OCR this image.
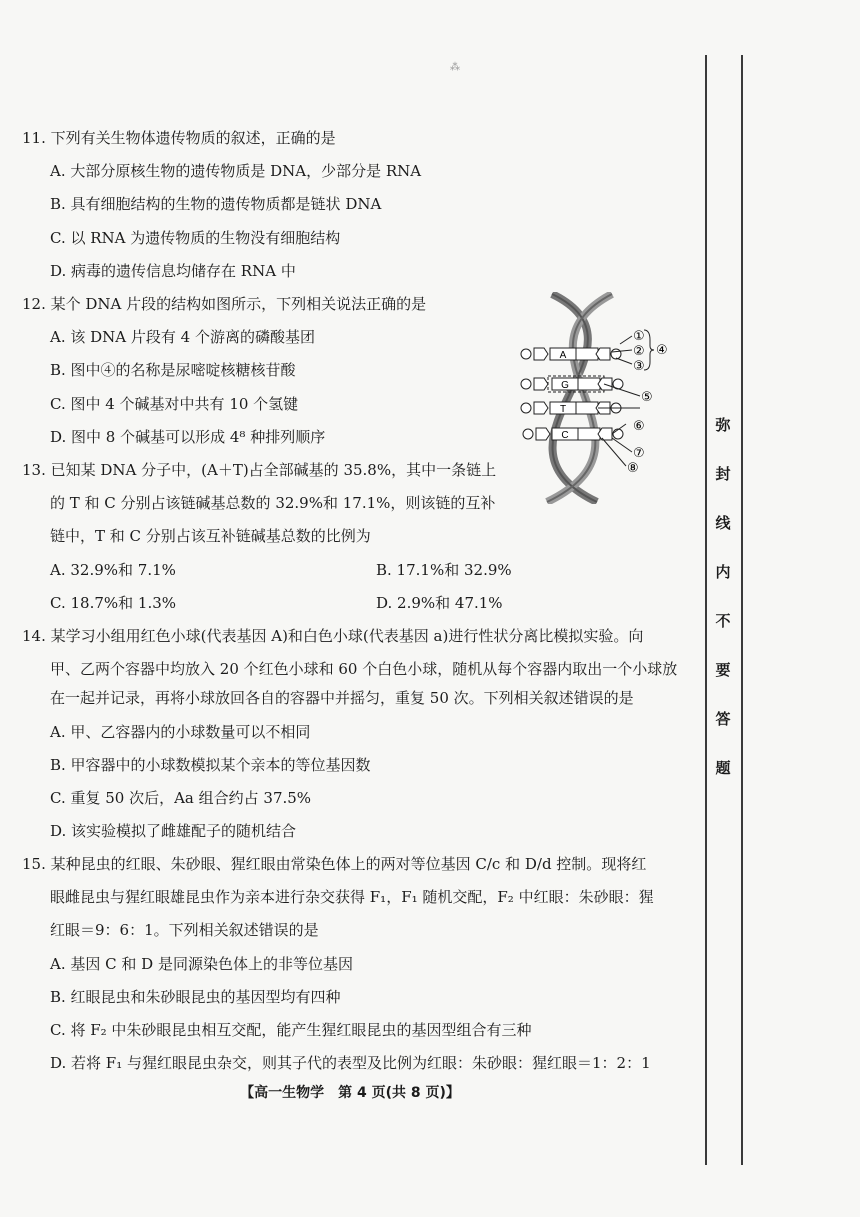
⁂
11. 下列有关生物体遗传物质的叙述，正确的是
A. 大部分原核生物的遗传物质是 DNA，少部分是 RNA
B. 具有细胞结构的生物的遗传物质都是链状 DNA
C. 以 RNA 为遗传物质的生物没有细胞结构
D. 病毒的遗传信息均储存在 RNA 中
12. 某个 DNA 片段的结构如图所示，下列相关说法正确的是
A. 该 DNA 片段有 4 个游离的磷酸基团
B. 图中④的名称是尿嘧啶核糖核苷酸
C. 图中 4 个碱基对中共有 10 个氢键
D. 图中 8 个碱基可以形成 4⁸ 种排列顺序
A
G
T
C
①
②
③
④
⑤
⑥
⑦
⑧
13. 已知某 DNA 分子中，(A＋T)占全部碱基的 35.8%，其中一条链上
的 T 和 C 分别占该链碱基总数的 32.9%和 17.1%，则该链的互补
链中，T 和 C 分别占该互补链碱基总数的比例为
A. 32.9%和 7.1%	B. 17.1%和 32.9%
C. 18.7%和 1.3%	D. 2.9%和 47.1%
14. 某学习小组用红色小球(代表基因 A)和白色小球(代表基因 a)进行性状分离比模拟实验。向
甲、乙两个容器中均放入 20 个红色小球和 60 个白色小球，随机从每个容器内取出一个小球放
在一起并记录，再将小球放回各自的容器中并摇匀，重复 50 次。下列相关叙述错误的是
A. 甲、乙容器内的小球数量可以不相同
B. 甲容器中的小球数模拟某个亲本的等位基因数
C. 重复 50 次后，Aa 组合约占 37.5%
D. 该实验模拟了雌雄配子的随机结合
15. 某种昆虫的红眼、朱砂眼、猩红眼由常染色体上的两对等位基因 C/c 和 D/d 控制。现将红
眼雌昆虫与猩红眼雄昆虫作为亲本进行杂交获得 F₁，F₁ 随机交配，F₂ 中红眼：朱砂眼：猩
红眼＝9：6：1。下列相关叙述错误的是
A. 基因 C 和 D 是同源染色体上的非等位基因
B. 红眼昆虫和朱砂眼昆虫的基因型均有四种
C. 将 F₂ 中朱砂眼昆虫相互交配，能产生猩红眼昆虫的基因型组合有三种
D. 若将 F₁ 与猩红眼昆虫杂交，则其子代的表型及比例为红眼：朱砂眼：猩红眼＝1：2：1
【高一生物学　第 4 页(共 8 页)】
弥
封
线
内
不
要
答
题
